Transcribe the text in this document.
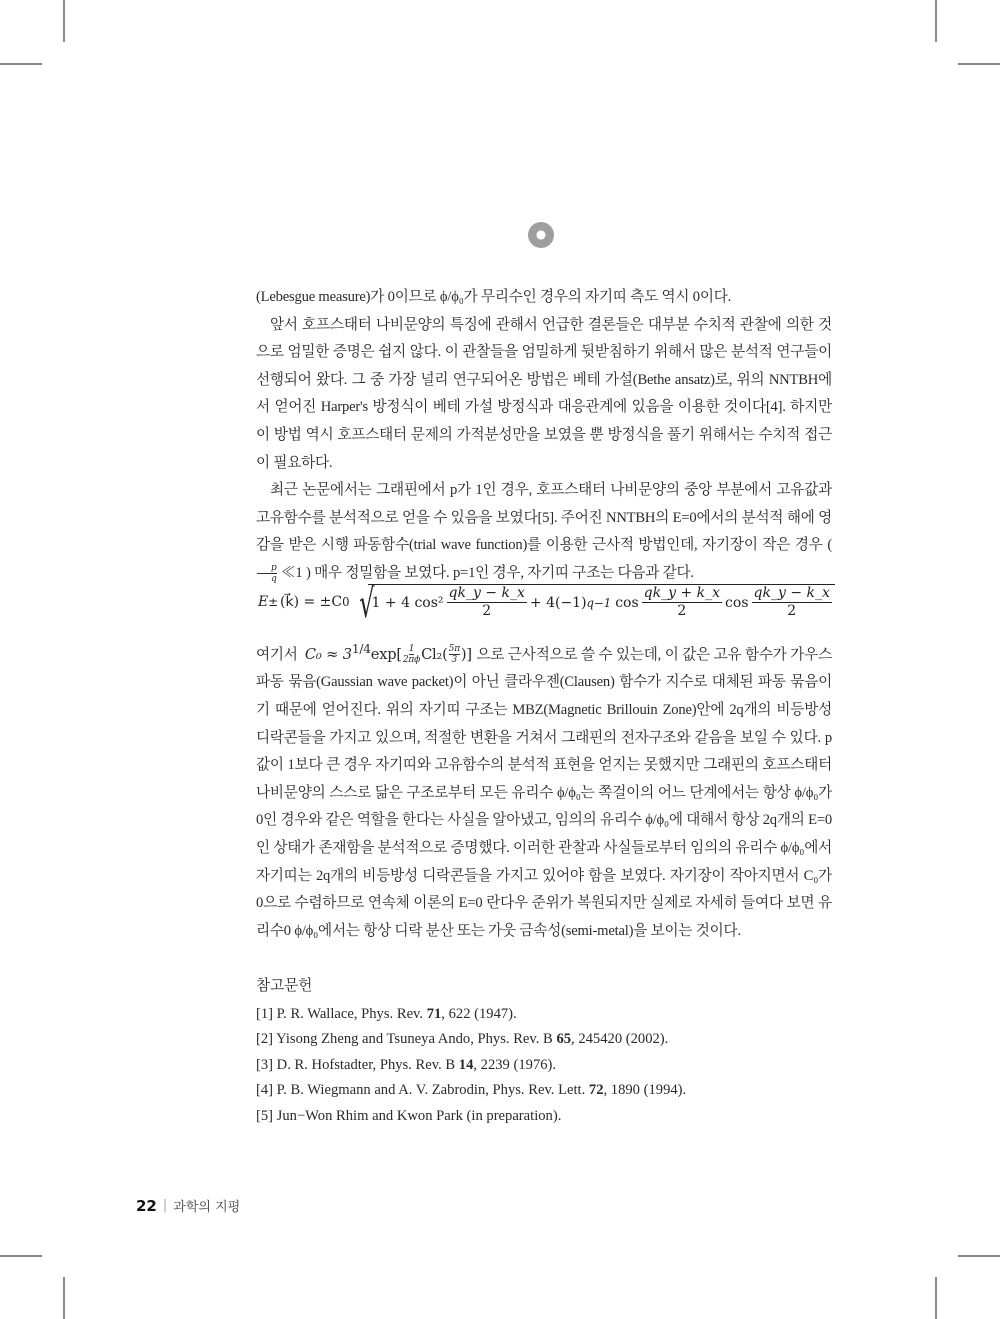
(Lebesgue measure)가 0이므로 ϕ/ϕ₀가 무리수인 경우의 자기띠 측도 역시 0이다.

앞서 호프스태터 나비문양의 특징에 관해서 언급한 결론들은 대부분 수치적 관찰에 의한 것으로 엄밀한 증명은 쉽지 않다. 이 관찰들을 엄밀하게 뒷받침하기 위해서 많은 분석적 연구들이 선행되어 왔다. 그 중 가장 널리 연구되어온 방법은 베테 가설(Bethe ansatz)로, 위의 NNTBH에서 얻어진 Harper's 방정식이 베테 가설 방정식과 대응관계에 있음을 이용한 것이다[4]. 하지만 이 방법 역시 호프스태터 문제의 가적분성만을 보였을 뿐 방정식을 풀기 위해서는 수치적 접근이 필요하다.

최근 논문에서는 그래핀에서 p가 1인 경우, 호프스태터 나비문양의 중앙 부분에서 고유값과 고유함수를 분석적으로 얻을 수 있음을 보였다[5]. 주어진 NNTBH의 E=0에서의 분석적 해에 영감을 받은 시행 파동함수(trial wave function)를 이용한 근사적 방법인데, 자기장이 작은 경우 (
$\frac{p}{q}$ ≪1 ) 매우 정밀함을 보였다. p=1인 경우, 자기띠 구조는 다음과 같다.

E ± (k⃗) = ±C 0 √ 1 + 4 $\cos^2 \frac{qk\_y - k\_x}{2} + 4(-1)$ q−1 $\cos \frac{qk\_y + k\_x}{2}$ $\cos \frac{qk\_y - k\_x}{2}$

여기서 $C_0 \approx 3^{1/4}\exp[ \frac{1}{2\pi\phi} Cl_2( \frac{5\pi}{3}$ )] 으로 근사적으로 쓸 수 있는데, 이 값은 고유 함수가 가우스 파동 묶음(Gaussian wave packet)이 아닌 클라우젠(Clausen) 함수가 지수로 대체된 파동 묶음이기 때문에 얻어진다. 위의 자기띠 구조는 MBZ(Magnetic Brillouin Zone)안에 2q개의 비등방성 디락콘들을 가지고 있으며, 적절한 변환을 거쳐서 그래핀의 전자구조와 같음을 보일 수 있다. p값이 1보다 큰 경우 자기띠와 고유함수의 분석적 표현을 얻지는 못했지만 그래핀의 호프스태터 나비문양의 스스로 닮은 구조로부터 모든 유리수 ϕ/ϕ₀는 쪽걸이의 어느 단계에서는 항상 ϕ/ϕ₀가 0인 경우와 같은 역할을 한다는 사실을 알아냈고, 임의의 유리수 ϕ/ϕ₀에 대해서 항상 2q개의 E=0인 상태가 존재함을 분석적으로 증명했다. 이러한 관찰과 사실들로부터 임의의 유리수 ϕ/ϕ₀에서 자기띠는 2q개의 비등방성 디락콘들을 가지고 있어야 함을 보였다. 자기장이 작아지면서 C₀가 0으로 수렴하므로 연속체 이론의 E=0 란다우 준위가 복원되지만 실제로 자세히 들여다 보면 유리수0 ϕ/ϕ₀에서는 항상 디락 분산 또는 가웃 금속성(semi-metal)을 보이는 것이다.

참고문헌
[1] P. R. Wallace, Phys. Rev. 71, 622 (1947).
[2] Yisong Zheng and Tsuneya Ando, Phys. Rev. B 65, 245420 (2002).
[3] D. R. Hofstadter, Phys. Rev. B 14, 2239 (1976).
[4] P. B. Wiegmann and A. V. Zabrodin, Phys. Rev. Lett. 72, 1890 (1994).
[5] Jun−Won Rhim and Kwon Park (in preparation).
22 | 과학의 지평
